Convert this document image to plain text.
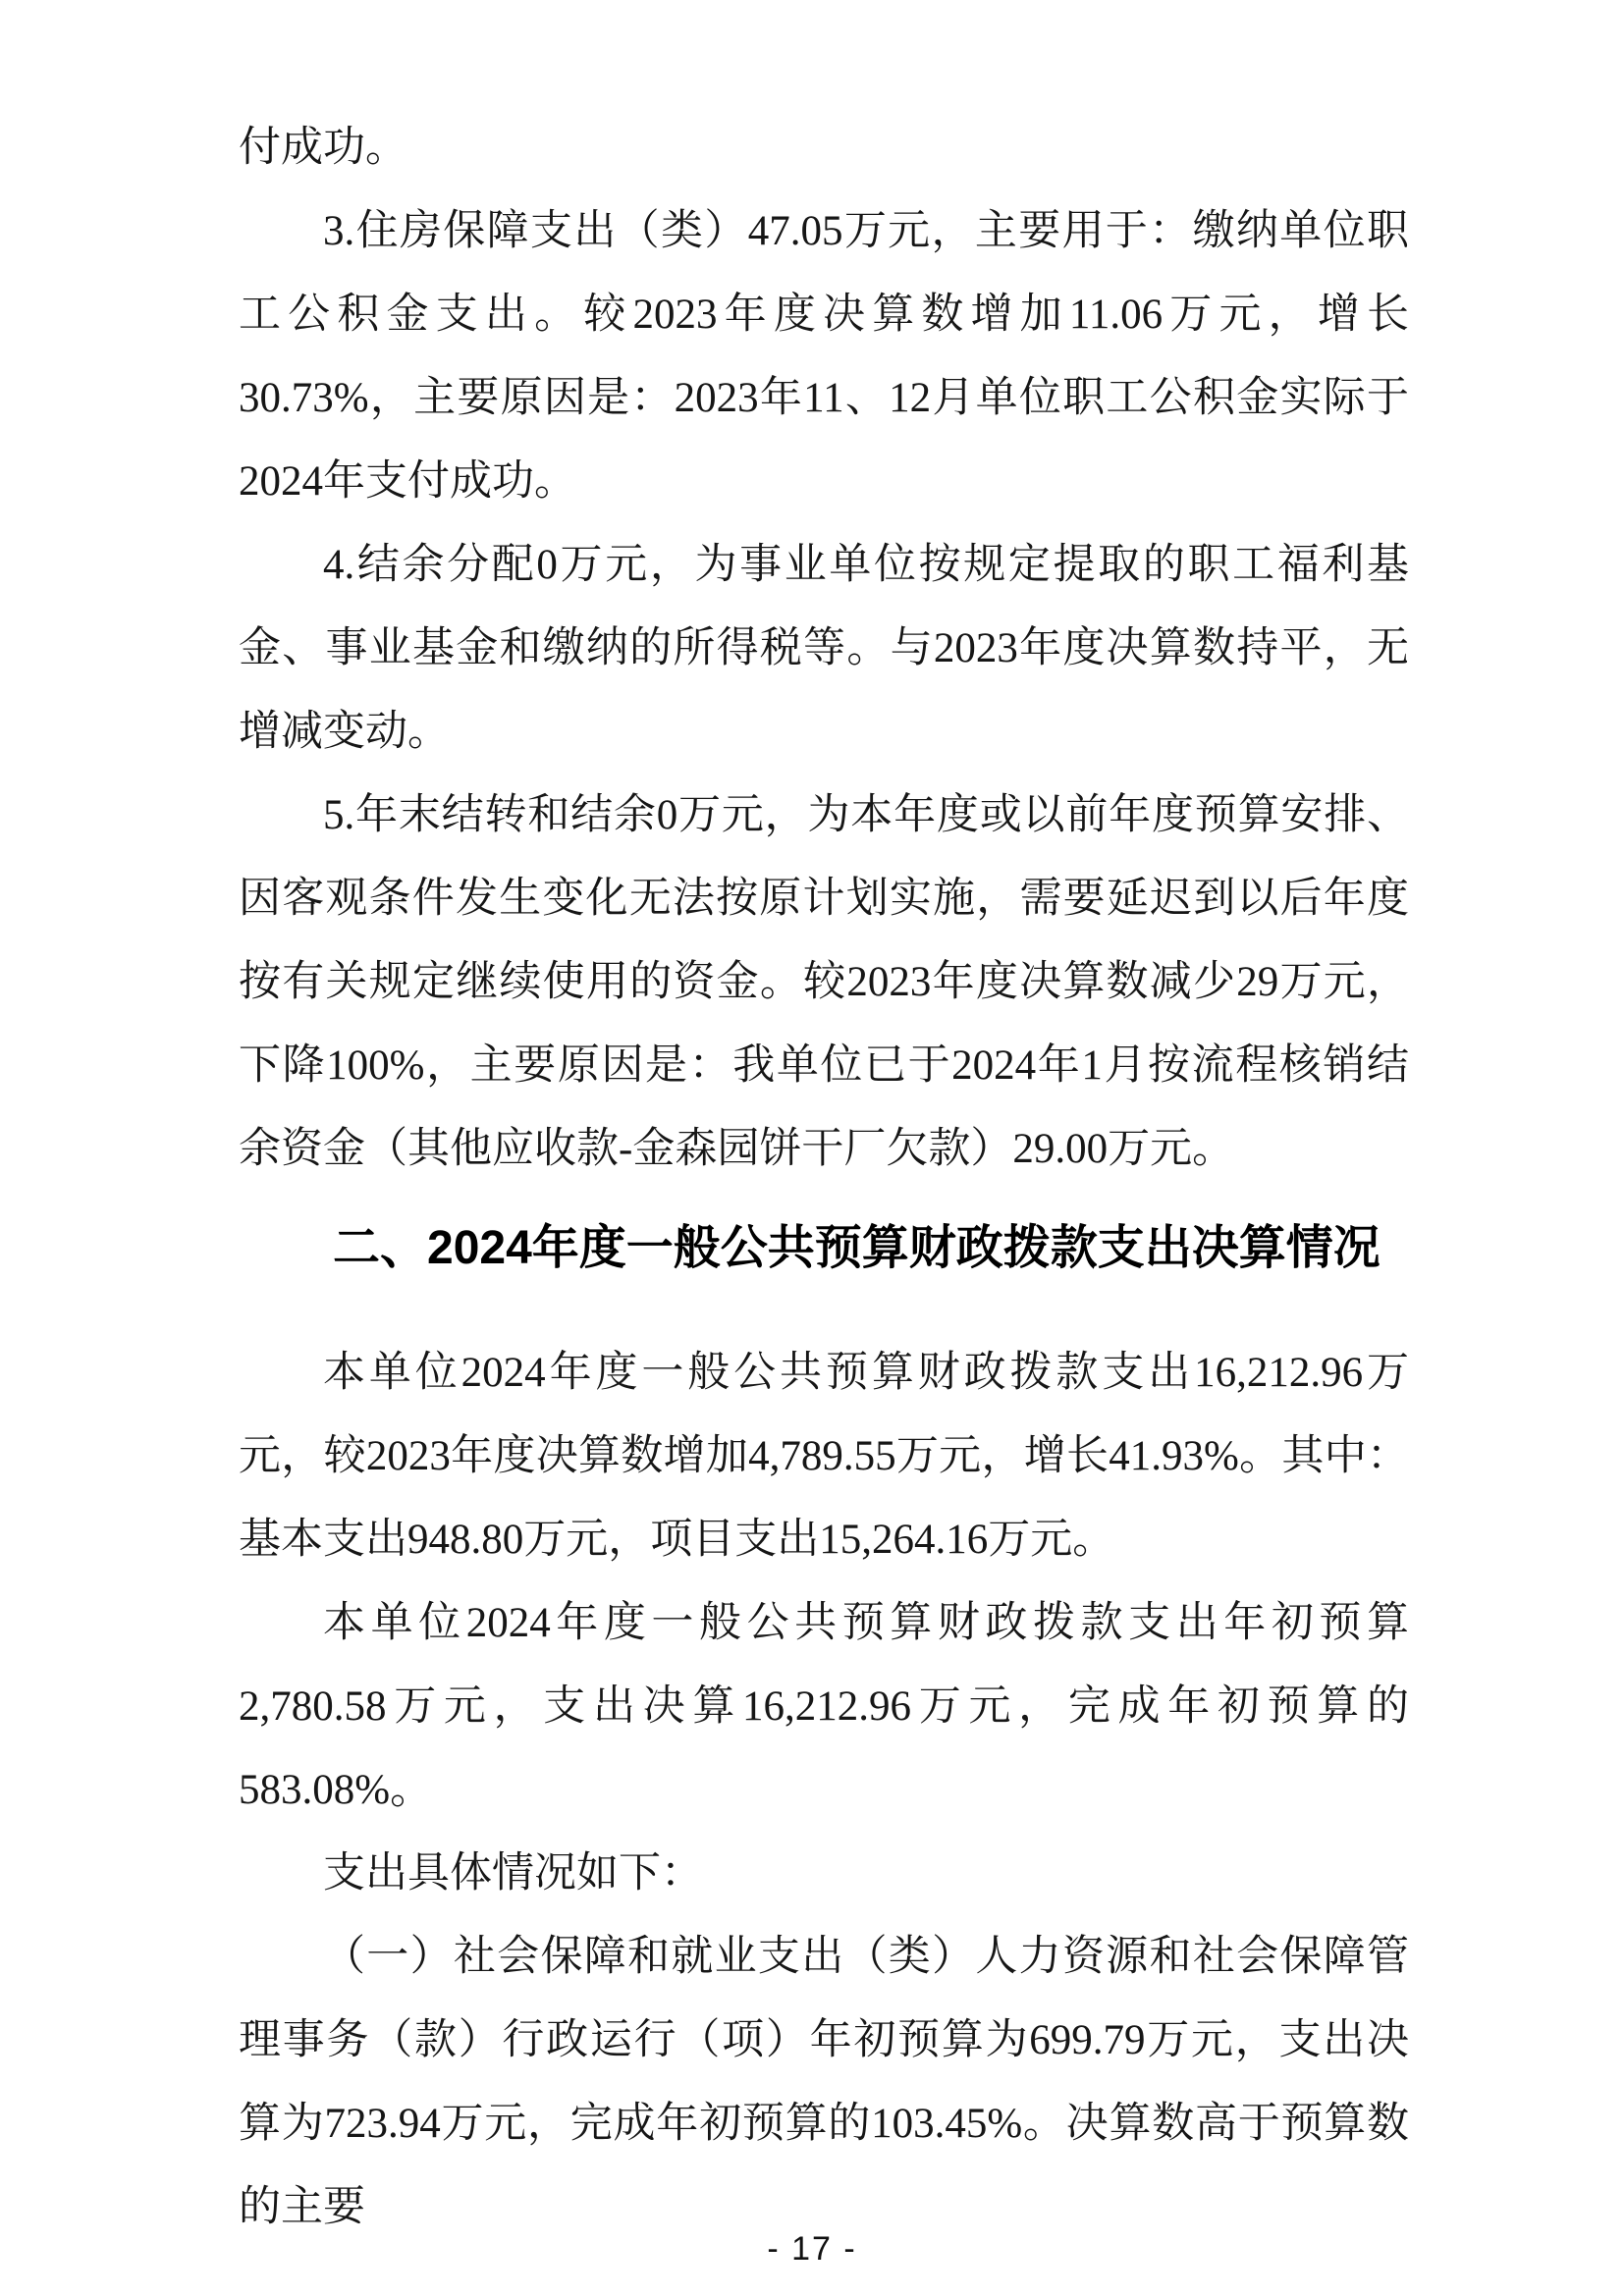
付成功。

3.住房保障支出（类）47.05万元，主要用于：缴纳单位职工公积金支出。较2023年度决算数增加11.06万元，增长30.73%，主要原因是：2023年11、12月单位职工公积金实际于2024年支付成功。

4.结余分配0万元，为事业单位按规定提取的职工福利基金、事业基金和缴纳的所得税等。与2023年度决算数持平，无增减变动。

5.年末结转和结余0万元，为本年度或以前年度预算安排、因客观条件发生变化无法按原计划实施，需要延迟到以后年度按有关规定继续使用的资金。较2023年度决算数减少29万元，下降100%，主要原因是：我单位已于2024年1月按流程核销结余资金（其他应收款-金森园饼干厂欠款）29.00万元。

二、2024年度一般公共预算财政拨款支出决算情况

本单位2024年度一般公共预算财政拨款支出16,212.96万元，较2023年度决算数增加4,789.55万元，增长41.93%。其中：基本支出948.80万元，项目支出15,264.16万元。

本单位2024年度一般公共预算财政拨款支出年初预算2,780.58万元，支出决算16,212.96万元，完成年初预算的583.08%。

支出具体情况如下：

（一）社会保障和就业支出（类）人力资源和社会保障管理事务（款）行政运行（项）年初预算为699.79万元，支出决算为723.94万元，完成年初预算的103.45%。决算数高于预算数的主要

- 17 -
